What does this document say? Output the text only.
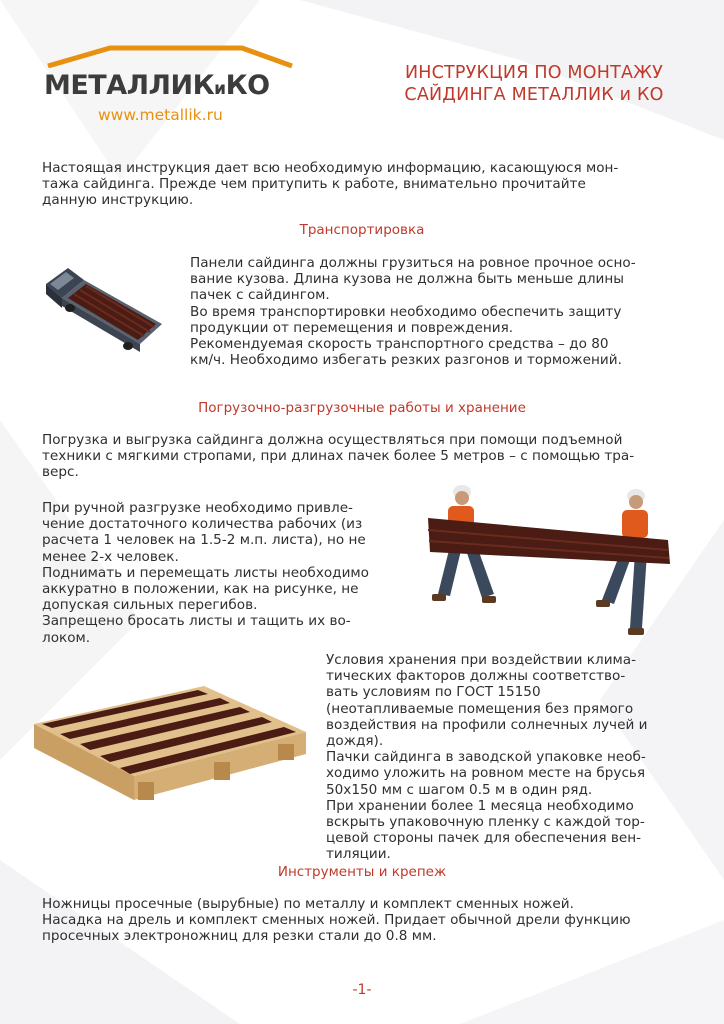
МЕТАЛЛИКиКО
www.metallik.ru
ИНСТРУКЦИЯ ПО МОНТАЖУ
САЙДИНГА МЕТАЛЛИК и КО

Настоящая инструкция дает всю необходимую информацию, касающуюся мон-

тажа сайдинга. Прежде чем притупить к работе, внимательно прочитайте

данную инструкцию.

Транспортировка

Панели сайдинга должны грузиться на ровное прочное осно-

вание кузова. Длина кузова не должна быть меньше длины

пачек с сайдингом.

Во время транспортировки необходимо обеспечить защиту

продукции от перемещения и повреждения.

Рекомендуемая скорость транспортного средства – до 80

км/ч. Необходимо избегать резких разгонов и торможений.

Погрузочно-разгрузочные работы и хранение

Погрузка и выгрузка сайдинга должна осуществляться при помощи подъемной

техники с мягкими стропами, при длинах пачек более 5 метров – с помощью тра-

верс.

При ручной разгрузке необходимо привле-

чение достаточного количества рабочих (из

расчета 1 человек на 1.5-2 м.п. листа), но не

менее 2-х человек.

Поднимать и перемещать листы необходимо

аккуратно в положении, как на рисунке, не

допуская сильных перегибов.

Запрещено бросать листы и тащить их во-

локом.

Условия хранения при воздействии клима-

тических факторов должны соответство-

вать условиям по ГОСТ 15150

(неотапливаемые помещения без прямого

воздействия на профили солнечных лучей и

дождя).

Пачки сайдинга в заводской упаковке необ-

ходимо уложить на ровном месте на брусья

50х150 мм с шагом 0.5 м в один ряд.

При хранении более 1 месяца необходимо

вскрыть упаковочную пленку с каждой тор-

цевой стороны пачек для обеспечения вен-

тиляции.

Инструменты и крепеж

Ножницы просечные (вырубные) по металлу и комплект сменных ножей.

Насадка на дрель и комплект сменных ножей. Придает обычной дрели функцию

просечных электроножниц для резки стали до 0.8 мм.

-1-
